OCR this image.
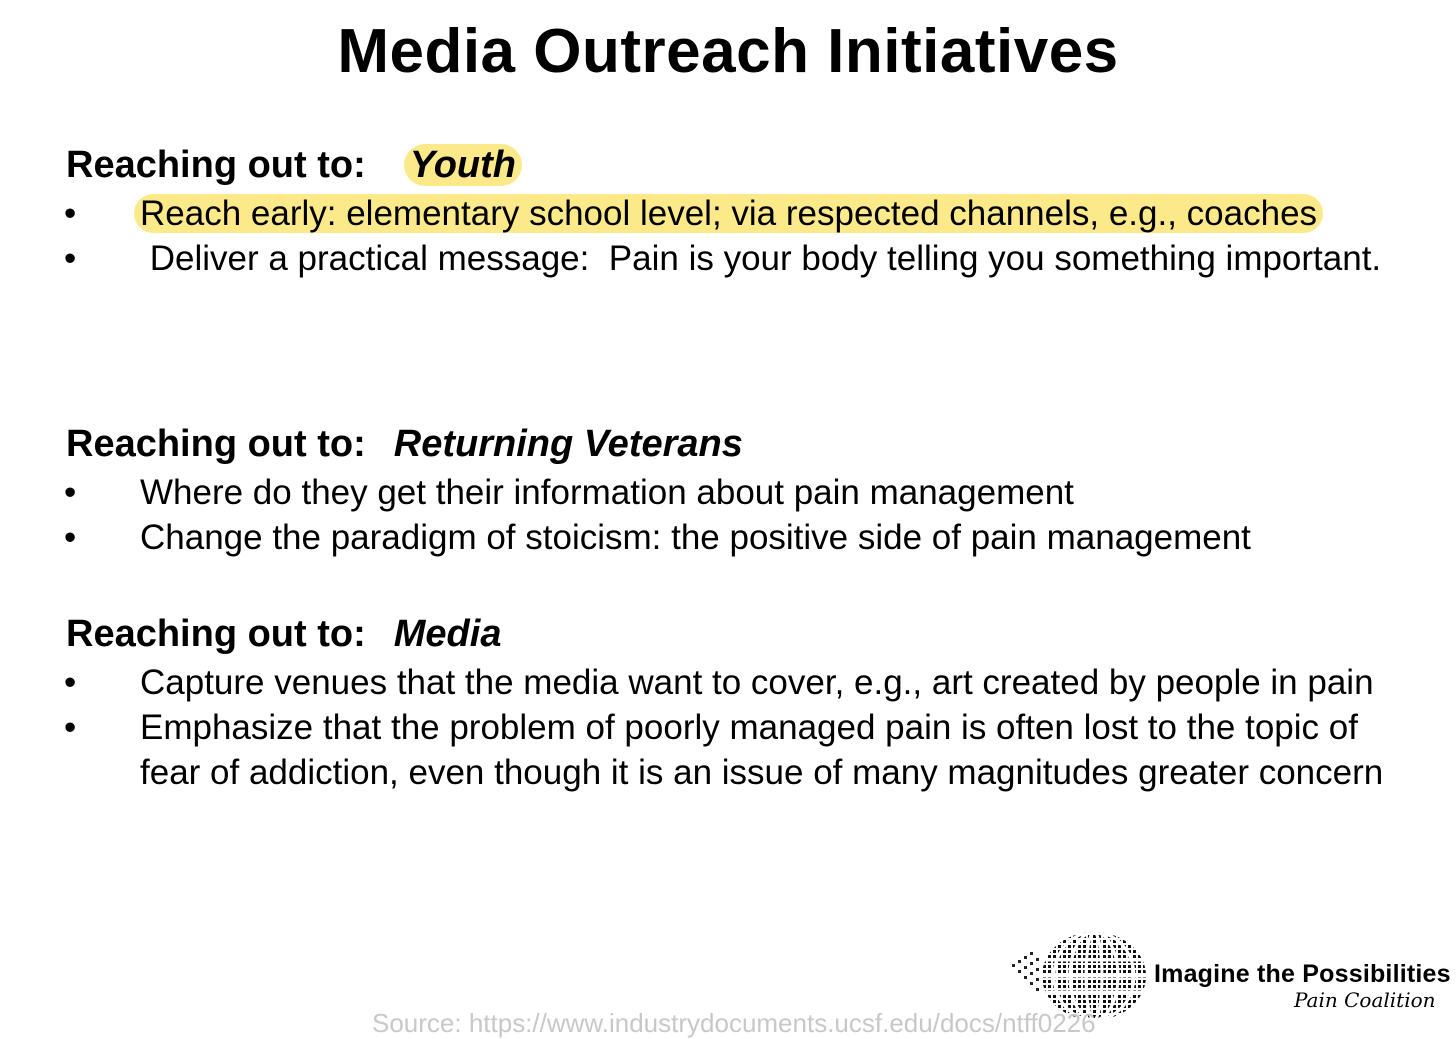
Media Outreach Initiatives
Reaching out to: Youth
• Reach early: elementary school level; via respected channels, e.g., coaches
• Deliver a practical message:  Pain is your body telling you something important.
Reaching out to: Returning Veterans
• Where do they get their information about pain management
• Change the paradigm of stoicism: the positive side of pain management
Reaching out to: Media
• Capture venues that the media want to cover, e.g., art created by people in pain
• Emphasize that the problem of poorly managed pain is often lost to the topic of fear of addiction, even though it is an issue of many magnitudes greater concern
Imagine the Possibilities
Pain Coalition
Source: https://www.industrydocuments.ucsf.edu/docs/ntff0226
